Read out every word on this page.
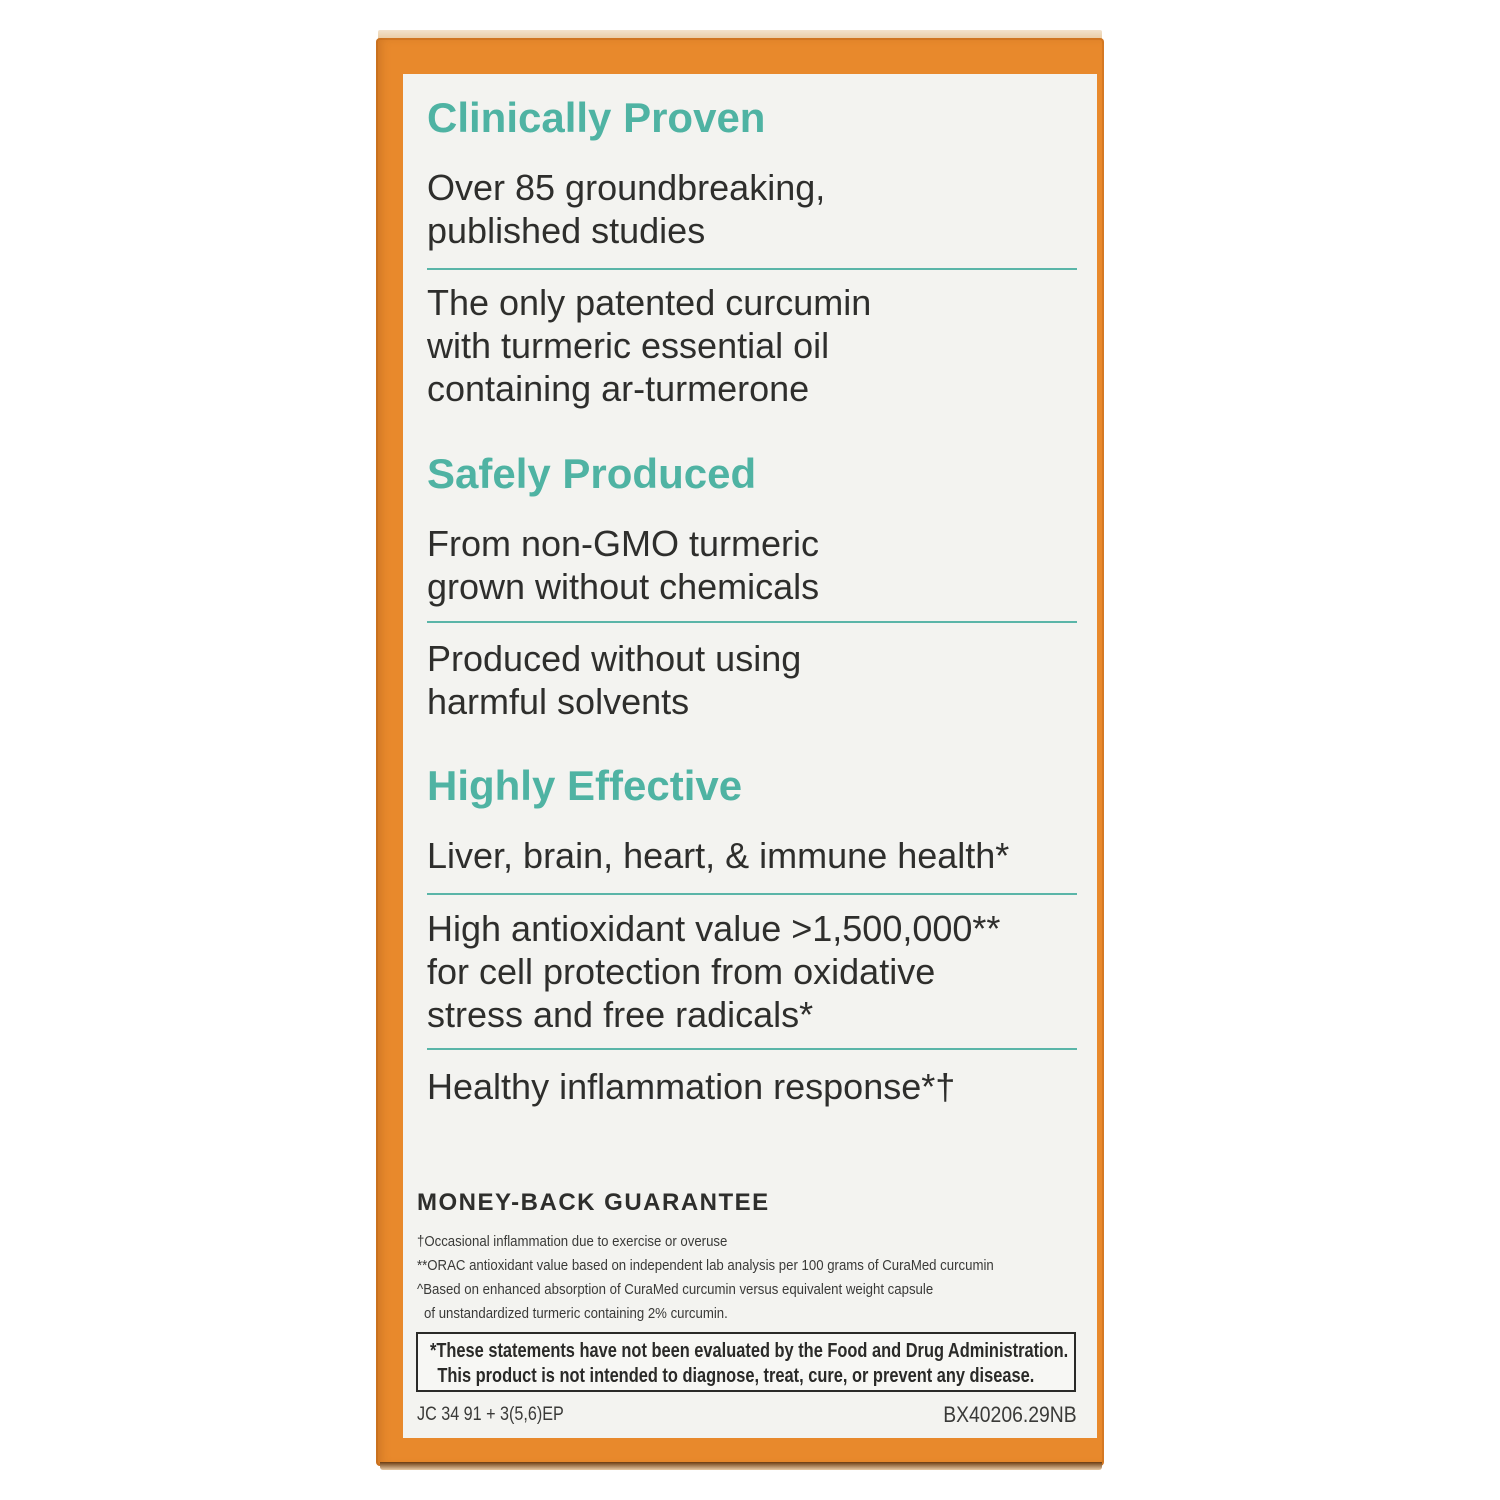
Clinically Proven
Over 85 groundbreaking,
published studies
The only patented curcumin
with turmeric essential oil
containing ar-turmerone
Safely Produced
From non-GMO turmeric
grown without chemicals
Produced without using
harmful solvents
Highly Effective
Liver, brain, heart, & immune health*
High antioxidant value >1,500,000**
for cell protection from oxidative
stress and free radicals*
Healthy inflammation response*†
MONEY-BACK GUARANTEE
†Occasional inflammation due to exercise or overuse
**ORAC antioxidant value based on independent lab analysis per 100 grams of CuraMed curcumin
^Based on enhanced absorption of CuraMed curcumin versus equivalent weight capsule
of unstandardized turmeric containing 2% curcumin.
*These statements have not been evaluated by the Food and Drug Administration.
This product is not intended to diagnose, treat, cure, or prevent any disease.
JC 34 91 + 3(5,6)EP	BX40206.29NB
